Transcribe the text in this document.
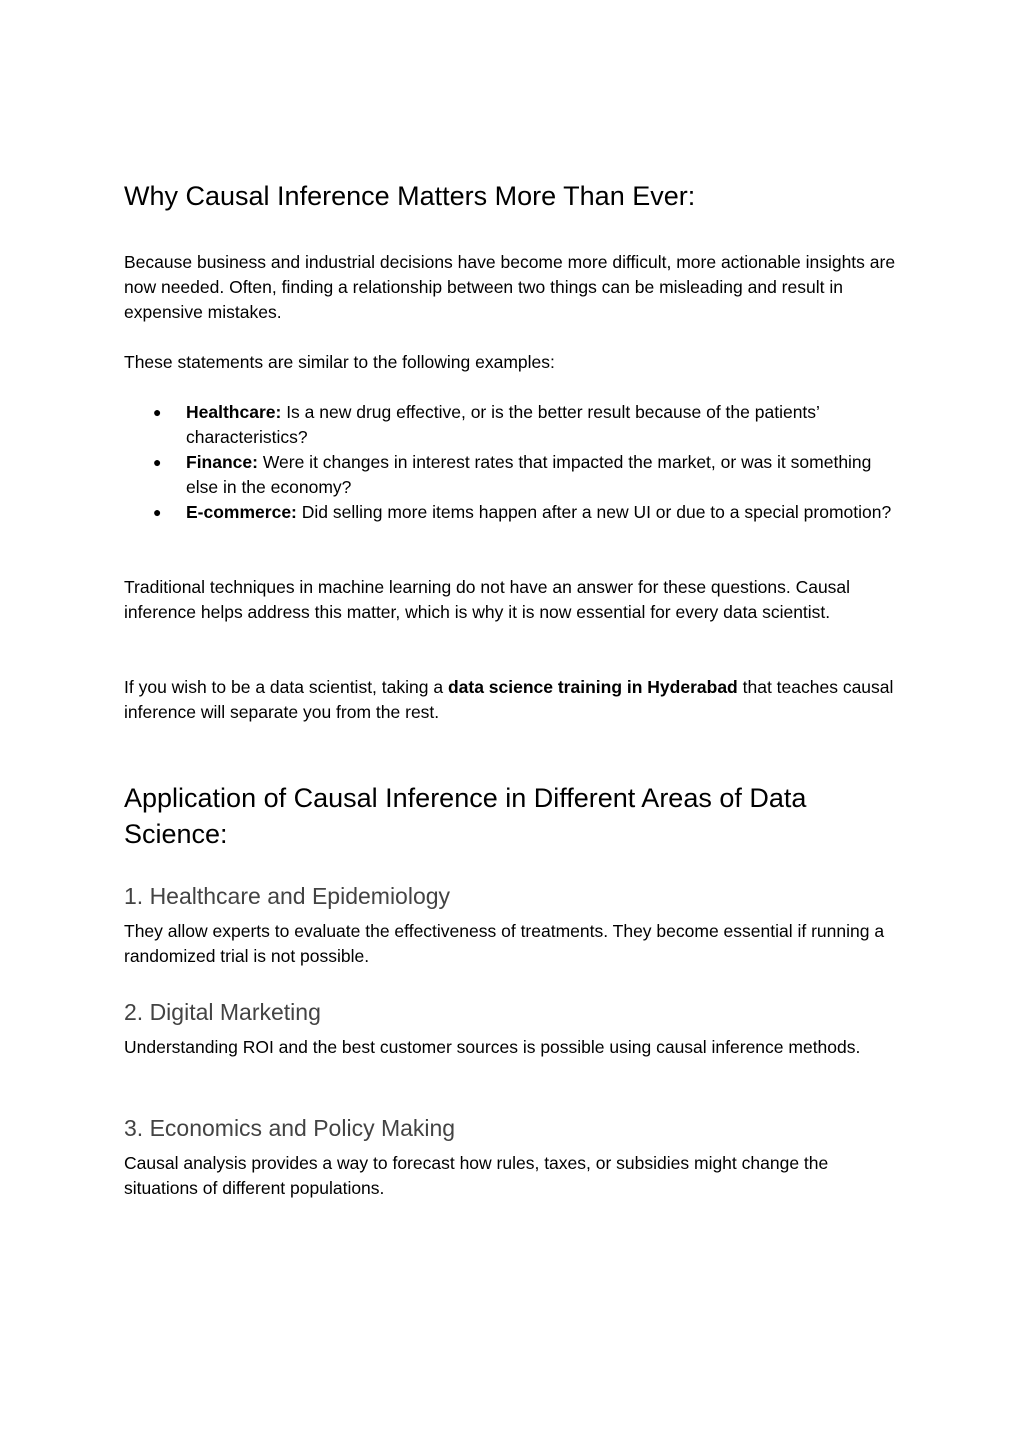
Why Causal Inference Matters More Than Ever:

Because business and industrial decisions have become more difficult, more actionable insights are now needed. Often, finding a relationship between two things can be misleading and result in expensive mistakes.

These statements are similar to the following examples:

● Healthcare: Is a new drug effective, or is the better result because of the patients’ characteristics?
● Finance: Were it changes in interest rates that impacted the market, or was it something else in the economy?
● E-commerce: Did selling more items happen after a new UI or due to a special promotion?

Traditional techniques in machine learning do not have an answer for these questions. Causal inference helps address this matter, which is why it is now essential for every data scientist.

If you wish to be a data scientist, taking a data science training in Hyderabad that teaches causal inference will separate you from the rest.

Application of Causal Inference in Different Areas of Data Science:
1. Healthcare and Epidemiology

They allow experts to evaluate the effectiveness of treatments. They become essential if running a randomized trial is not possible.

2. Digital Marketing

Understanding ROI and the best customer sources is possible using causal inference methods.

3. Economics and Policy Making

Causal analysis provides a way to forecast how rules, taxes, or subsidies might change the situations of different populations.
